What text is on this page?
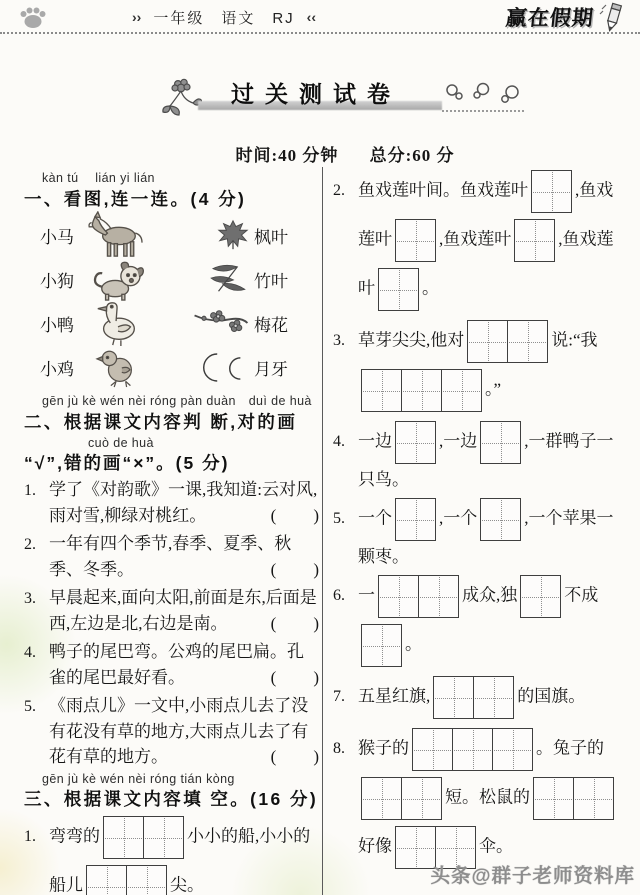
›› 一年级　语文　RJ ‹‹	赢在假期
过关测试卷
时间:40 分钟 总分:60 分
kàn tú　 lián yi lián
一、看图,连一连。(4 分)
小马	枫叶
小狗	竹叶
小鸭	梅花
小鸡	月牙
gēn jù kè wén nèi róng pàn duàn　duì de huà
二、根据课文内容判 断,对的画
cuò de huà
“√”,错的画“×”。(5 分)

1. 学了《对韵歌》一课,我知道:云对风,雨对雪,柳绿对桃红。	(　　)

2. 一年有四个季节,春季、夏季、秋季、冬季。	(　　)

3. 早晨起来,面向太阳,前面是东,后面是西,左边是北,右边是南。	(　　)

4. 鸭子的尾巴弯。公鸡的尾巴扁。孔雀的尾巴最好看。	(　　)

5. 《雨点儿》一文中,小雨点儿去了没有花没有草的地方,大雨点儿去了有花有草的地方。	(　　)

gēn jù kè wén nèi róng tián kòng
三、根据课文内容填 空。(16 分)

1. 弯弯的	小小的船,小小的船儿	尖。

2. 鱼戏莲叶间。鱼戏莲叶	,鱼戏莲叶	,鱼戏莲叶	,鱼戏莲叶	。

3. 草芽尖尖,他对	说:“我
。”

4. 一边	,一边	,一群鸭子一只鸟。

5. 一个	,一个	,一个苹果一颗枣。

6. 一	成众,独	不成
。

7. 五星红旗,	的国旗。

8. 猴子的	。兔子的
短。松鼠的
好像	伞。

头条@群子老师资料库
